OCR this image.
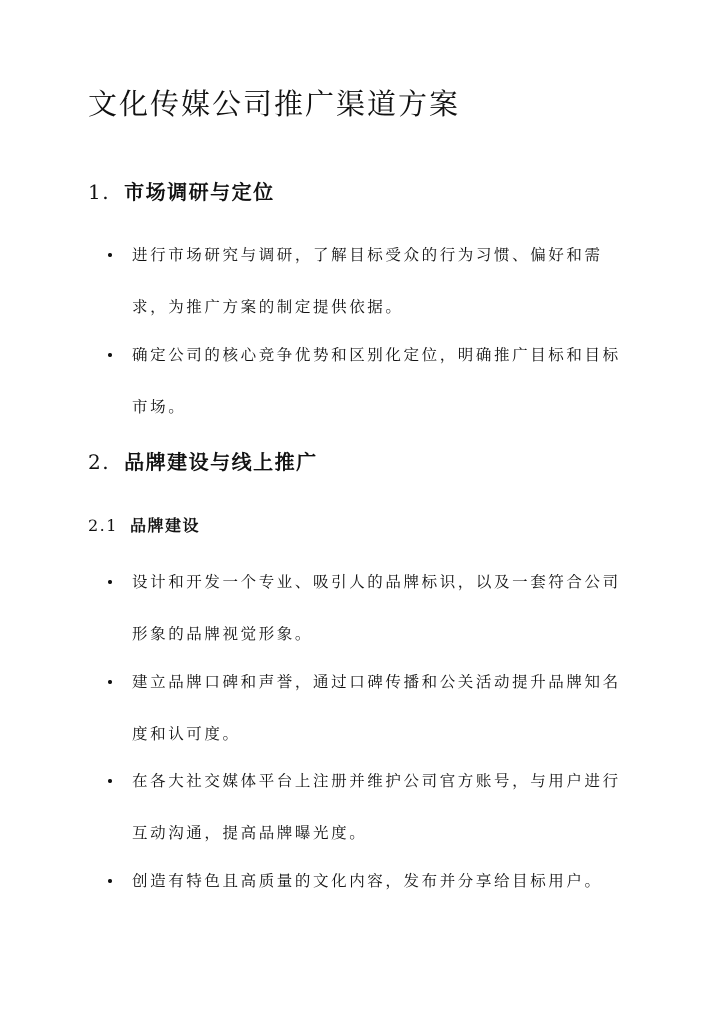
文化传媒公司推广渠道方案
1. 市场调研与定位
进行市场研究与调研，了解目标受众的行为习惯、偏好和需求，为推广方案的制定提供依据。
确定公司的核心竞争优势和区别化定位，明确推广目标和目标市场。
2. 品牌建设与线上推广
2.1 品牌建设
设计和开发一个专业、吸引人的品牌标识，以及一套符合公司形象的品牌视觉形象。
建立品牌口碑和声誉，通过口碑传播和公关活动提升品牌知名度和认可度。
在各大社交媒体平台上注册并维护公司官方账号，与用户进行互动沟通，提高品牌曝光度。
创造有特色且高质量的文化内容，发布并分享给目标用户。
